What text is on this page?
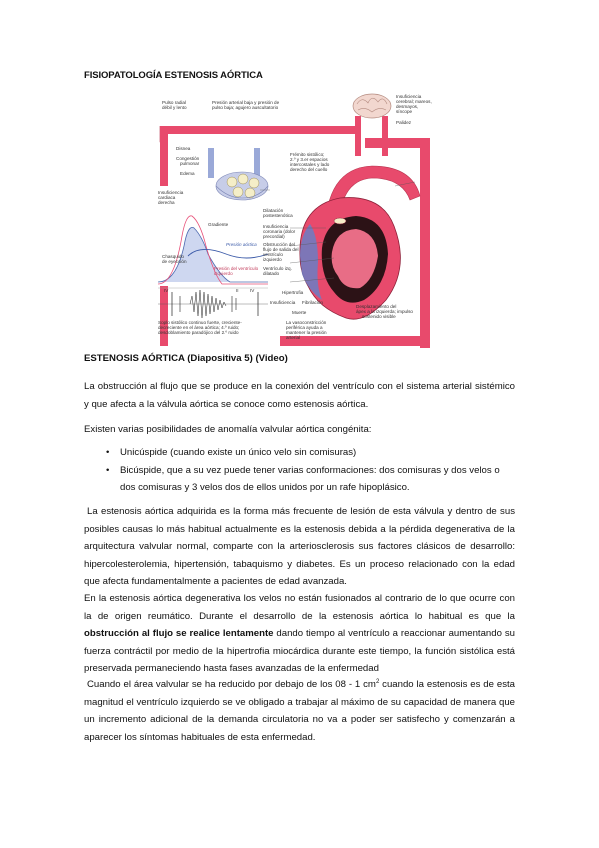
FISIOPATOLOGÍA ESTENOSIS AÓRTICA
Pulso radial
débil y lento
Presión arterial baja y presión de
pulso baja; agujero auscultatorio
Insuficiencia
cerebral; mareos,
desmayos,
síncope
Palidez
Disnea
Congestión
pulmonar
Edema
Insuficiencia
cardiaca
derecha
Frémito sistólico;
2.º y 3.er espacios
intercostales y lado
derecho del cuello
Dilatación
postestenótica
Insuficiencia
coronaria (dolor
precordial)
Obstrucción del
flujo de salida del
ventrículo
izquierdo
Ventrículo izq.
dilatado
Gradiente
Presión aórtica
Chasquido
de eyección
Presión del ventrículo
izquierdo
IV	IV
II
Soplo sistólico continuo fuerte, creciente-
decreciente en el área aórtica; 4.º ruido;
desdoblamiento paradójico del 2.º ruido
Hipertrofia
Insuficiencia Fibrilación
Muerte
La vasoconstricción
periférica ayuda a
mantener la presión
arterial
Desplazamiento del
ápex a la izquierda; impulso
sostenido visible
ESTENOSIS AÓRTICA (Diapositiva 5) (Video)

La obstrucción al flujo que se produce en la conexión del ventrículo con el sistema arterial sistémico y que afecta a la válvula aórtica se conoce como estenosis aórtica.

Existen varias posibilidades de anomalía valvular aórtica congénita:

• Unicúspide (cuando existe un único velo sin comisuras)
• Bicúspide, que a su vez puede tener varias conformaciones: dos comisuras y dos velos o dos comisuras y 3 velos dos de ellos unidos por un rafe hipoplásico.

La estenosis aórtica adquirida es la forma más frecuente de lesión de esta válvula y dentro de sus posibles causas lo más habitual actualmente es la estenosis debida a la pérdida degenerativa de la arquitectura valvular normal, comparte con la arteriosclerosis sus factores clásicos de desarrollo: hipercolesterolemia, hipertensión, tabaquismo y diabetes. Es un proceso relacionado con la edad que afecta fundamentalmente a pacientes de edad avanzada.

En la estenosis aórtica degenerativa los velos no están fusionados al contrario de lo que ocurre con la de origen reumático. Durante el desarrollo de la estenosis aórtica lo habitual es que la obstrucción al flujo se realice lentamente dando tiempo al ventrículo a reaccionar aumentando su fuerza contráctil por medio de la hipertrofia miocárdica durante este tiempo, la función sistólica está preservada permaneciendo hasta fases avanzadas de la enfermedad

Cuando el área valvular se ha reducido por debajo de los 08 - 1 $cm^2$ cuando la estenosis es de esta magnitud el ventrículo izquierdo se ve obligado a trabajar al máximo de su capacidad de manera que un incremento adicional de la demanda circulatoria no va a poder ser satisfecho y comenzarán a aparecer los síntomas habituales de esta enfermedad.
